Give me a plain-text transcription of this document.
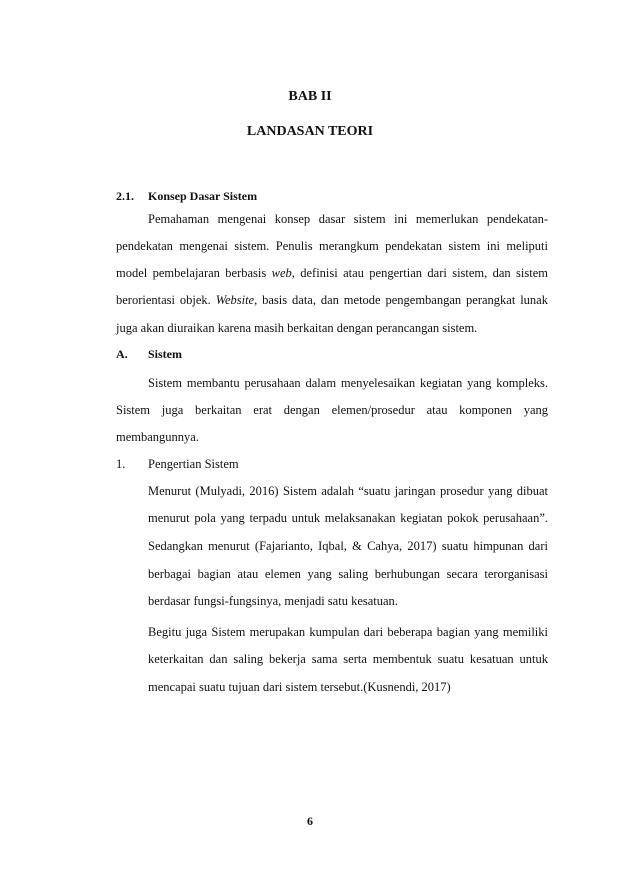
BAB II
LANDASAN TEORI
2.1. Konsep Dasar Sistem
Pemahaman mengenai konsep dasar sistem ini memerlukan pendekatan-
pendekatan mengenai sistem. Penulis merangkum pendekatan sistem ini meliputi
model pembelajaran berbasis web, definisi atau pengertian dari sistem, dan sistem
berorientasi objek. Website, basis data, dan metode pengembangan perangkat lunak
juga akan diuraikan karena masih berkaitan dengan perancangan sistem.
A. Sistem
Sistem membantu perusahaan dalam menyelesaikan kegiatan yang kompleks.
Sistem juga berkaitan erat dengan elemen/prosedur atau komponen yang
membangunnya.
1. Pengertian Sistem
Menurut (Mulyadi, 2016) Sistem adalah “suatu jaringan prosedur yang dibuat
menurut pola yang terpadu untuk melaksanakan kegiatan pokok perusahaan”.
Sedangkan menurut (Fajarianto, Iqbal, & Cahya, 2017) suatu himpunan dari
berbagai bagian atau elemen yang saling berhubungan secara terorganisasi
berdasar fungsi-fungsinya, menjadi satu kesatuan.
Begitu juga Sistem merupakan kumpulan dari beberapa bagian yang memiliki
keterkaitan dan saling bekerja sama serta membentuk suatu kesatuan untuk
mencapai suatu tujuan dari sistem tersebut.(Kusnendi, 2017)
6
